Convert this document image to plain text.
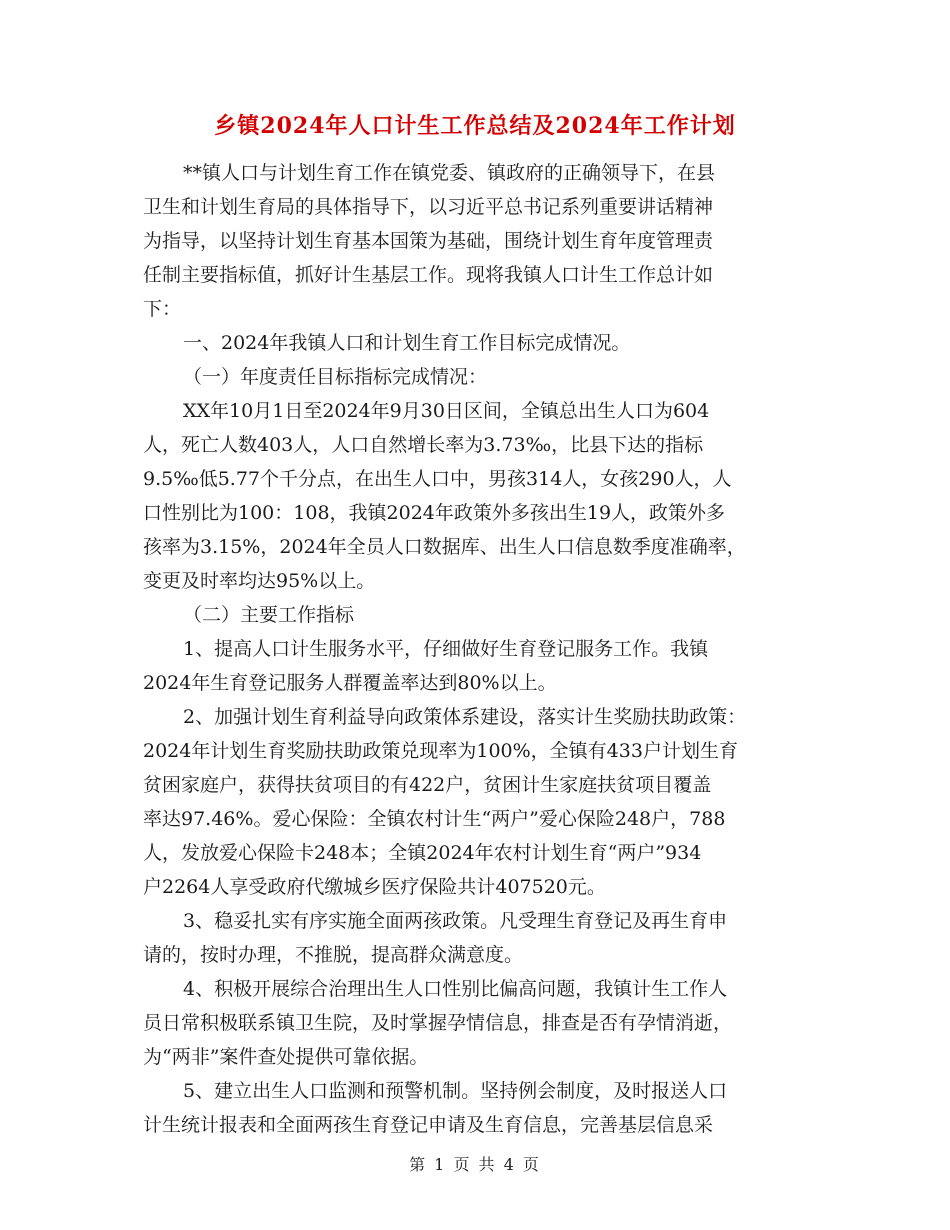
乡镇2024年人口计生工作总结及2024年工作计划
**镇人口与计划生育工作在镇党委、镇政府的正确领导下，在县
卫生和计划生育局的具体指导下，以习近平总书记系列重要讲话精神
为指导，以坚持计划生育基本国策为基础，围绕计划生育年度管理责
任制主要指标值，抓好计生基层工作。现将我镇人口计生工作总计如
下：
一、2024年我镇人口和计划生育工作目标完成情况。
（一）年度责任目标指标完成情况：
XX年10月1日至2024年9月30日区间，全镇总出生人口为604
人，死亡人数403人，人口自然增长率为3.73‰，比县下达的指标
9.5‰低5.77个千分点，在出生人口中，男孩314人，女孩290人，人
口性别比为100：108，我镇2024年政策外多孩出生19人，政策外多
孩率为3.15%，2024年全员人口数据库、出生人口信息数季度准确率，
变更及时率均达95%以上。
（二）主要工作指标
1、提高人口计生服务水平，仔细做好生育登记服务工作。我镇
2024年生育登记服务人群覆盖率达到80%以上。
2、加强计划生育利益导向政策体系建设，落实计生奖励扶助政策：
2024年计划生育奖励扶助政策兑现率为100%，全镇有433户计划生育
贫困家庭户，获得扶贫项目的有422户，贫困计生家庭扶贫项目覆盖
率达97.46%。爱心保险：全镇农村计生“两户”爱心保险248户，788
人，发放爱心保险卡248本；全镇2024年农村计划生育“两户”934
户2264人享受政府代缴城乡医疗保险共计407520元。
3、稳妥扎实有序实施全面两孩政策。凡受理生育登记及再生育申
请的，按时办理，不推脱，提高群众满意度。
4、积极开展综合治理出生人口性别比偏高问题，我镇计生工作人
员日常积极联系镇卫生院，及时掌握孕情信息，排查是否有孕情消逝，
为“两非”案件查处提供可靠依据。
5、建立出生人口监测和预警机制。坚持例会制度，及时报送人口
计生统计报表和全面两孩生育登记申请及生育信息，完善基层信息采
第 1 页 共 4 页
